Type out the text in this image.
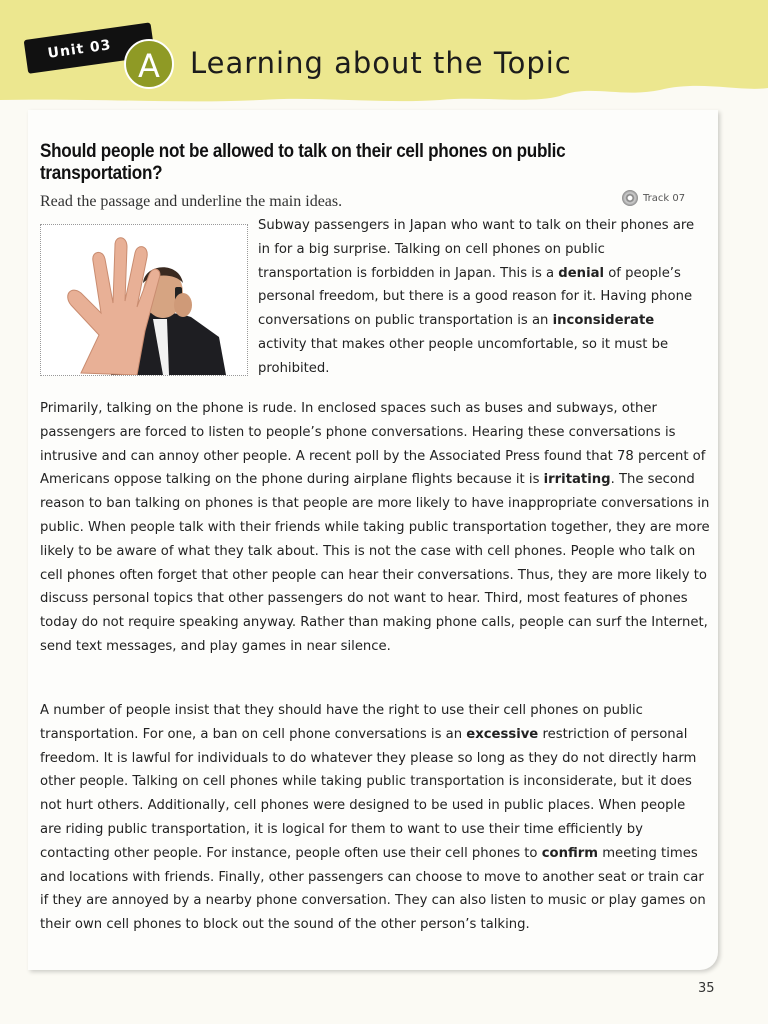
Unit 03 A	Learning about the Topic
Should people not be allowed to talk on their cell phones on public transportation?
Read the passage and underline the main ideas.	Track 07

Subway passengers in Japan who want to talk on their phones are in for a big surprise. Talking on cell phones on public transportation is forbidden in Japan. This is a denial of people’s personal freedom, but there is a good reason for it. Having phone conversations on public transportation is an inconsiderate activity that makes other people uncomfortable, so it must be prohibited.

Primarily, talking on the phone is rude. In enclosed spaces such as buses and subways, other passengers are forced to listen to people’s phone conversations. Hearing these conversations is intrusive and can annoy other people. A recent poll by the Associated Press found that 78 percent of Americans oppose talking on the phone during airplane flights because it is irritating. The second reason to ban talking on phones is that people are more likely to have inappropriate conversations in public. When people talk with their friends while taking public transportation together, they are more likely to be aware of what they talk about. This is not the case with cell phones. People who talk on cell phones often forget that other people can hear their conversations. Thus, they are more likely to discuss personal topics that other passengers do not want to hear. Third, most features of phones today do not require speaking anyway. Rather than making phone calls, people can surf the Internet, send text messages, and play games in near silence.

A number of people insist that they should have the right to use their cell phones on public transportation. For one, a ban on cell phone conversations is an excessive restriction of personal freedom. It is lawful for individuals to do whatever they please so long as they do not directly harm other people. Talking on cell phones while taking public transportation is inconsiderate, but it does not hurt others. Additionally, cell phones were designed to be used in public places. When people are riding public transportation, it is logical for them to want to use their time efficiently by contacting other people. For instance, people often use their cell phones to confirm meeting times and locations with friends. Finally, other passengers can choose to move to another seat or train car if they are annoyed by a nearby phone conversation. They can also listen to music or play games on their own cell phones to block out the sound of the other person’s talking.

35
